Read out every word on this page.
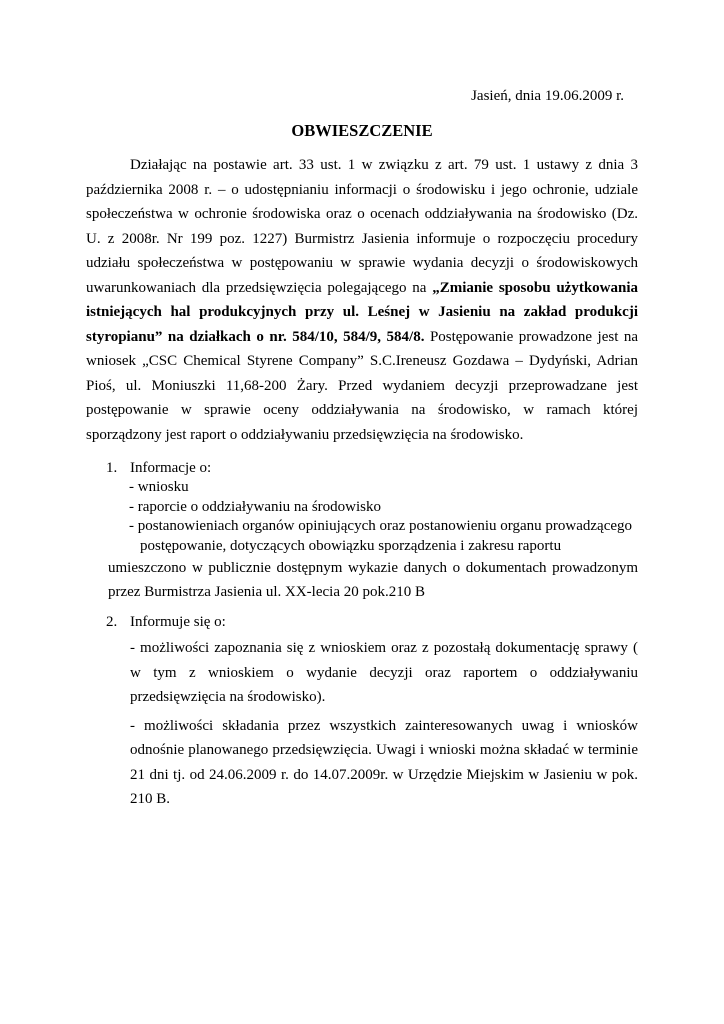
Jasień, dnia 19.06.2009 r.
OBWIESZCZENIE

Działając na postawie art. 33 ust. 1 w związku z art. 79 ust. 1 ustawy z dnia 3 października 2008 r. – o udostępnianiu informacji o środowisku i jego ochronie, udziale społeczeństwa w ochronie środowiska oraz o ocenach oddziaływania na środowisko (Dz. U. z 2008r. Nr 199 poz. 1227) Burmistrz Jasienia informuje o rozpoczęciu procedury udziału społeczeństwa w postępowaniu w sprawie wydania decyzji o środowiskowych uwarunkowaniach dla przedsięwzięcia polegającego na „Zmianie sposobu użytkowania istniejących hal produkcyjnych przy ul. Leśnej w Jasieniu na zakład produkcji styropianu” na działkach o nr. 584/10, 584/9, 584/8. Postępowanie prowadzone jest na wniosek „CSC Chemical Styrene Company” S.C.Ireneusz Gozdawa – Dydyński, Adrian Pioś, ul. Moniuszki 11,68-200 Żary. Przed wydaniem decyzji przeprowadzane jest postępowanie w sprawie oceny oddziaływania na środowisko, w ramach której sporządzony jest raport o oddziaływaniu przedsięwzięcia na środowisko.

1. Informacje o:
- wniosku
- raporcie o oddziaływaniu na środowisko
- postanowieniach organów opiniujących oraz postanowieniu organu prowadzącego
postępowanie, dotyczących obowiązku sporządzenia i zakresu raportu
umieszczono w publicznie dostępnym wykazie danych o dokumentach prowadzonym przez Burmistrza Jasienia ul. XX-lecia 20 pok.210 B
2. Informuje się o:
- możliwości zapoznania się z wnioskiem oraz z pozostałą dokumentację sprawy ( w tym z wnioskiem o wydanie decyzji oraz raportem o oddziaływaniu przedsięwzięcia na środowisko).
- możliwości składania przez wszystkich zainteresowanych uwag i wniosków odnośnie planowanego przedsięwzięcia. Uwagi i wnioski można składać w terminie 21 dni tj. od 24.06.2009 r. do 14.07.2009r. w Urzędzie Miejskim w Jasieniu w pok. 210 B.
